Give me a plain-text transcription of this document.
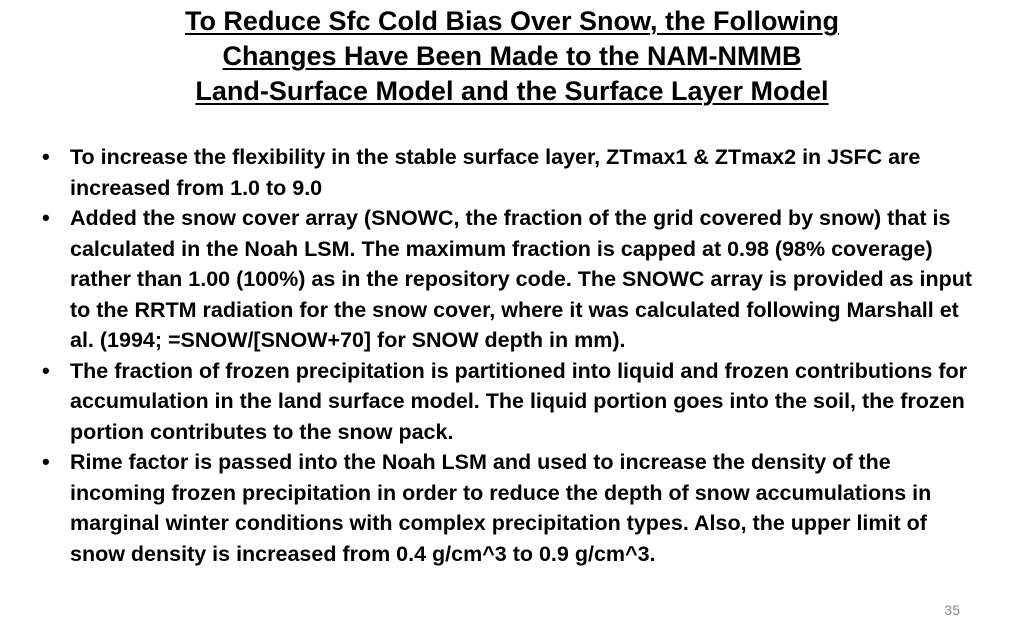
To Reduce Sfc Cold Bias Over Snow, the Following
Changes Have Been Made to the NAM-NMMB
Land-Surface Model and the Surface Layer Model
• To increase the flexibility in the stable surface layer, ZTmax1 & ZTmax2 in JSFC are increased from 1.0 to 9.0
• Added the snow cover array (SNOWC, the fraction of the grid covered by snow) that is calculated in the Noah LSM. The maximum fraction is capped at 0.98 (98% coverage) rather than 1.00 (100%) as in the repository code. The SNOWC array is provided as input to the RRTM radiation for the snow cover, where it was calculated following Marshall et al. (1994; =SNOW/[SNOW+70] for SNOW depth in mm).
• The fraction of frozen precipitation is partitioned into liquid and frozen contributions for accumulation in the land surface model. The liquid portion goes into the soil, the frozen portion contributes to the snow pack.
• Rime factor is passed into the Noah LSM and used to increase the density of the incoming frozen precipitation in order to reduce the depth of snow accumulations in marginal winter conditions with complex precipitation types. Also, the upper limit of snow density is increased from 0.4 g/cm^3 to 0.9 g/cm^3.
35
